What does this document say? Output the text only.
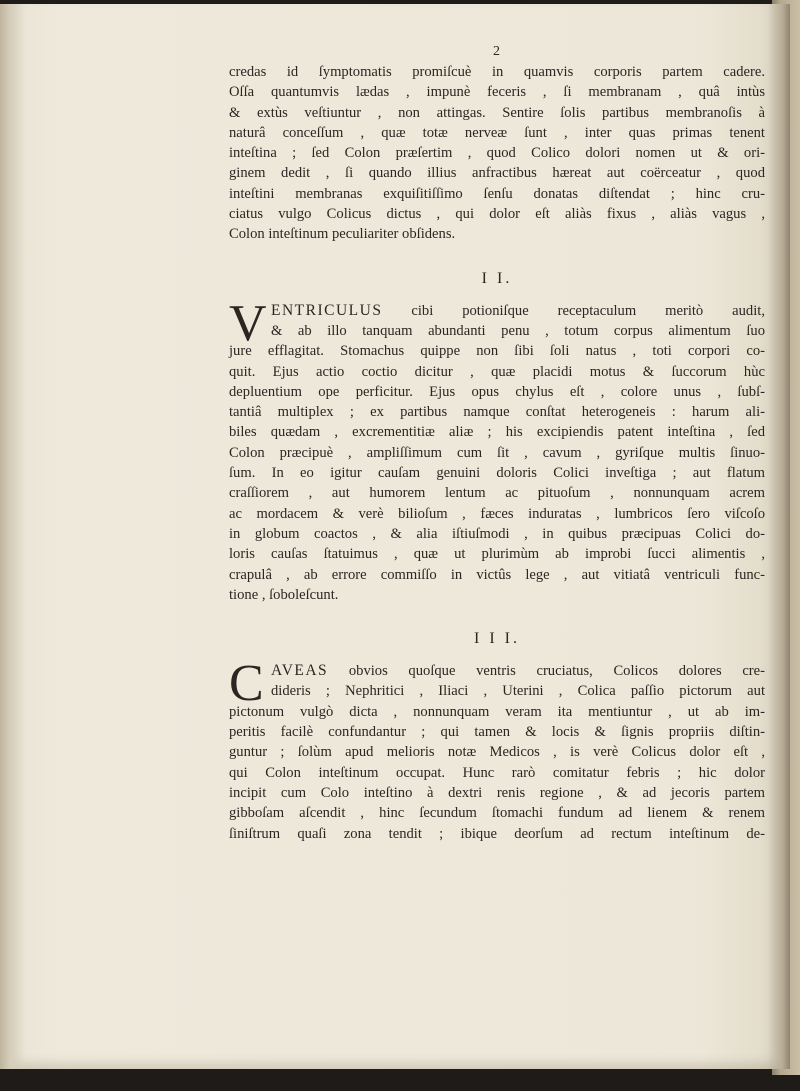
2
credas id ſymptomatis promiſcuè in quamvis corporis partem cadere.
Oſſa quantumvis lædas , impunè feceris , ſi membranam , quâ intùs
& extùs veſtiuntur , non attingas. Sentire ſolis partibus membranoſis à
naturâ conceſſum , quæ totæ nerveæ ſunt , inter quas primas tenent
inteſtina ; ſed Colon præſertim , quod Colico dolori nomen ut & ori-
ginem dedit , ſi quando illius anfractibus hæreat aut coërceatur , quod
inteſtini membranas exquiſitiſſimo ſenſu donatas diſtendat ; hinc cru-
ciatus vulgo Colicus dictus , qui dolor eſt aliàs fixus , aliàs vagus ,
Colon inteſtinum peculiariter obſidens.
I I.
V ENTRICULUS cibi potioniſque receptaculum meritò audit,
& ab illo tanquam abundanti penu , totum corpus alimentum ſuo
jure efflagitat. Stomachus quippe non ſibi ſoli natus , toti corpori co-
quit. Ejus actio coctio dicitur , quæ placidi motus & ſuccorum hùc
depluentium ope perficitur. Ejus opus chylus eſt , colore unus , ſubſ-
tantiâ multiplex ; ex partibus namque conſtat heterogeneis : harum ali-
biles quædam , excrementitiæ aliæ ; his excipiendis patent inteſtina , ſed
Colon præcipuè , ampliſſimum cum ſit , cavum , gyriſque multis ſinuo-
ſum. In eo igitur cauſam genuini doloris Colici inveſtiga ; aut flatum
craſſiorem , aut humorem lentum ac pituoſum , nonnunquam acrem
ac mordacem & verè bilioſum , fæces induratas , lumbricos ſero viſcoſo
in globum coactos , & alia iſtiuſmodi , in quibus præcipuas Colici do-
loris cauſas ſtatuimus , quæ ut plurimùm ab improbi ſucci alimentis ,
crapulâ , ab errore commiſſo in victûs lege , aut vitiatâ ventriculi func-
tione , ſoboleſcunt.
I I I.
C AVEAS obvios quoſque ventris cruciatus, Colicos dolores cre-
dideris ; Nephritici , Iliaci , Uterini , Colica paſſio pictorum aut
pictonum vulgò dicta , nonnunquam veram ita mentiuntur , ut ab im-
peritis facilè confundantur ; qui tamen & locis & ſignis propriis diſtin-
guntur ; ſolùm apud melioris notæ Medicos , is verè Colicus dolor eſt ,
qui Colon inteſtinum occupat. Hunc rarò comitatur febris ; hic dolor
incipit cum Colo inteſtino à dextri renis regione , & ad jecoris partem
gibboſam aſcendit , hinc ſecundum ſtomachi fundum ad lienem & renem
ſiniſtrum quaſi zona tendit ; ibique deorſum ad rectum inteſtinum de-
